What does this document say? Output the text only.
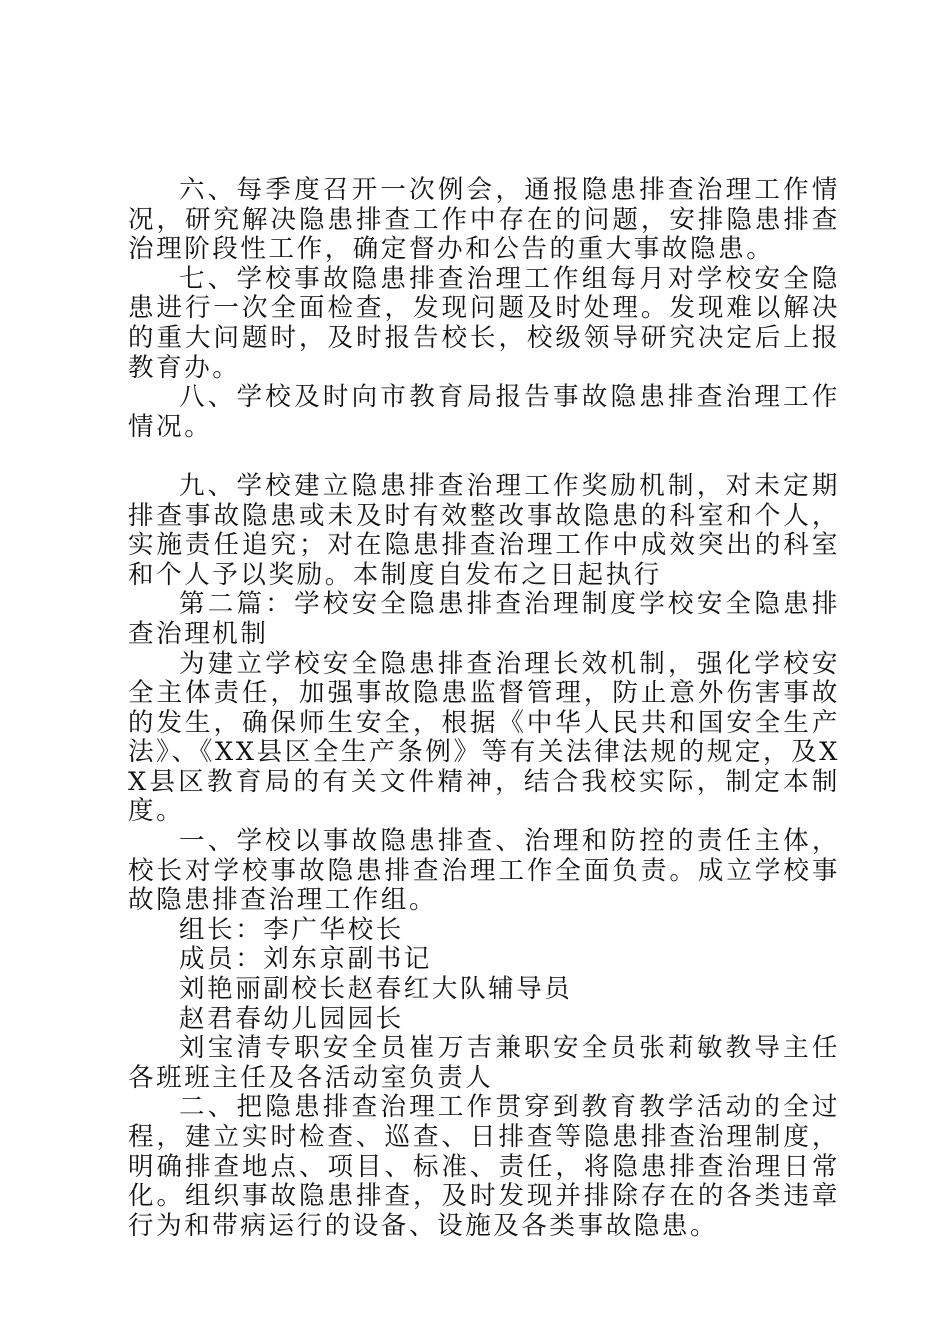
六、每季度召开一次例会，通报隐患排查治理工作情况，研究解决隐患排查工作中存在的问题，安排隐患排查治理阶段性工作，确定督办和公告的重大事故隐患。

七、学校事故隐患排查治理工作组每月对学校安全隐患进行一次全面检查，发现问题及时处理。发现难以解决的重大问题时，及时报告校长，校级领导研究决定后上报教育办。

八、学校及时向市教育局报告事故隐患排查治理工作情况。

九、学校建立隐患排查治理工作奖励机制，对未定期排查事故隐患或未及时有效整改事故隐患的科室和个人，实施责任追究；对在隐患排查治理工作中成效突出的科室和个人予以奖励。本制度自发布之日起执行

第二篇：学校安全隐患排查治理制度学校安全隐患排查治理机制

为建立学校安全隐患排查治理长效机制，强化学校安全主体责任，加强事故隐患监督管理，防止意外伤害事故的发生，确保师生安全，根据《中华人民共和国安全生产法》、《XX县区全生产条例》等有关法律法规的规定，及XX县区教育局的有关文件精神，结合我校实际，制定本制度。

一、学校以事故隐患排查、治理和防控的责任主体，校长对学校事故隐患排查治理工作全面负责。成立学校事故隐患排查治理工作组。

组长：李广华校长

成员：刘东京副书记

刘艳丽副校长赵春红大队辅导员

赵君春幼儿园园长

刘宝清专职安全员崔万吉兼职安全员张莉敏教导主任各班班主任及各活动室负责人

二、把隐患排查治理工作贯穿到教育教学活动的全过程，建立实时检查、巡查、日排查等隐患排查治理制度，明确排查地点、项目、标准、责任，将隐患排查治理日常化。组织事故隐患排查，及时发现并排除存在的各类违章行为和带病运行的设备、设施及各类事故隐患。
